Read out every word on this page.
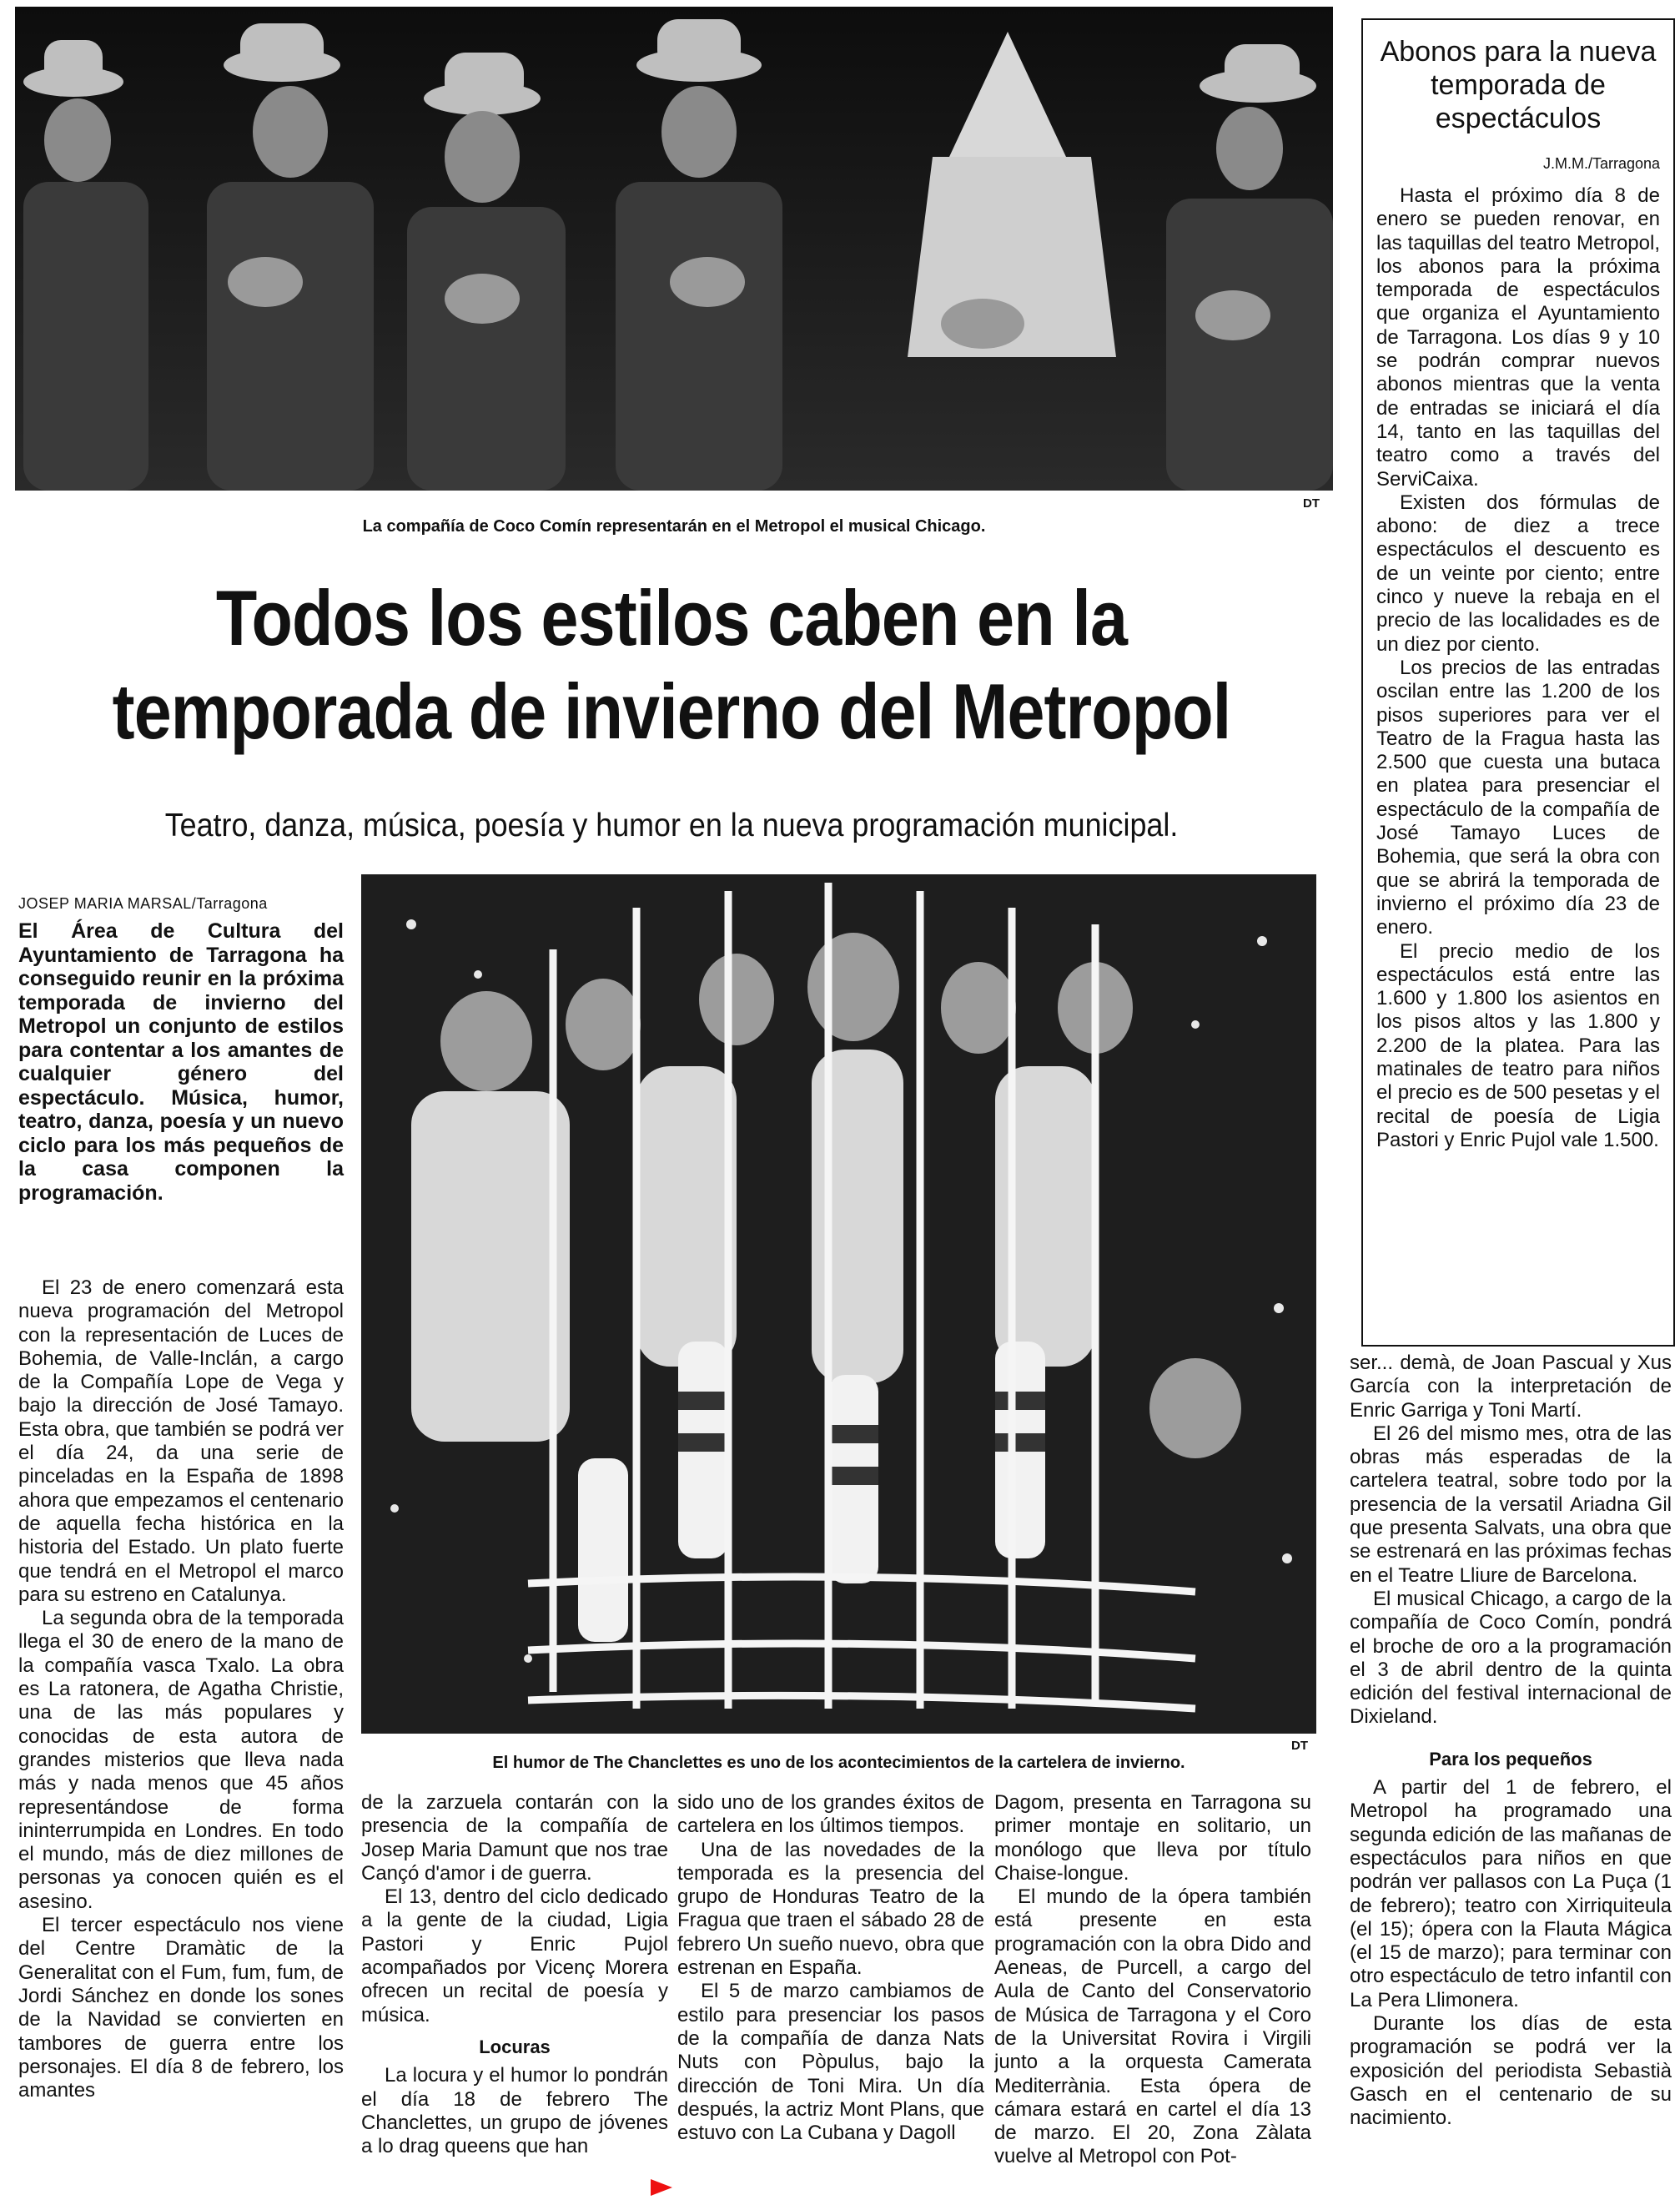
DT
La compañía de Coco Comín representarán en el Metropol el musical Chicago.
Todos los estilos caben en la
temporada de invierno del Metropol
Teatro, danza, música, poesía y humor en la nueva programación municipal.
JOSEP MARIA MARSAL/Tarragona
El Área de Cultura del Ayuntamiento de Tarragona ha conseguido reunir en la próxima temporada de invierno del Metropol un conjunto de estilos para contentar a los amantes de cualquier género del espectáculo. Música, humor, teatro, danza, poesía y un nuevo ciclo para los más pequeños de la casa componen la programación.

El 23 de enero comenzará esta nueva programación del Metropol con la representación de Luces de Bohemia, de Valle-Inclán, a cargo de la Compañía Lope de Vega y bajo la dirección de José Tamayo. Esta obra, que también se podrá ver el día 24, da una serie de pinceladas en la España de 1898 ahora que empezamos el centenario de aquella fecha histórica en la historia del Estado. Un plato fuerte que tendrá en el Metropol el marco para su estreno en Catalunya.

La segunda obra de la temporada llega el 30 de enero de la mano de la compañía vasca Txalo. La obra es La ratonera, de Agatha Christie, una de las más populares y conocidas de esta autora de grandes misterios que lleva nada más y nada menos que 45 años representándose de forma ininterrumpida en Londres. En todo el mundo, más de diez millones de personas ya conocen quién es el asesino.

El tercer espectáculo nos viene del Centre Dramàtic de la Generalitat con el Fum, fum, fum, de Jordi Sánchez en donde los sones de la Navidad se convierten en tambores de guerra entre los personajes. El día 8 de febrero, los amantes

DT
El humor de The Chanclettes es uno de los acontecimientos de la cartelera de invierno.

de la zarzuela contarán con la presencia de la compañía de Josep Maria Damunt que nos trae Cançó d'amor i de guerra.

El 13, dentro del ciclo dedicado a la gente de la ciudad, Ligia Pastori y Enric Pujol acompañados por Vicenç Morera ofrecen un recital de poesía y música.

Locuras

La locura y el humor lo pondrán el día 18 de febrero The Chanclettes, un grupo de jóvenes a lo drag queens que han

sido uno de los grandes éxitos de cartelera en los últimos tiempos.

Una de las novedades de la temporada es la presencia del grupo de Honduras Teatro de la Fragua que traen el sábado 28 de febrero Un sueño nuevo, obra que estrenan en España.

El 5 de marzo cambiamos de estilo para presenciar los pasos de la compañía de danza Nats Nuts con Pòpulus, bajo la dirección de Toni Mira. Un día después, la actriz Mont Plans, que estuvo con La Cubana y Dagoll

Dagom, presenta en Tarragona su primer montaje en solitario, un monólogo que lleva por título Chaise-longue.

El mundo de la ópera también está presente en esta programación con la obra Dido and Aeneas, de Purcell, a cargo del Aula de Canto del Conservatorio de Música de Tarragona y el Coro de la Universitat Rovira i Virgili junto a la orquesta Camerata Mediterrània. Esta ópera de cámara estará en cartel el día 13 de marzo. El 20, Zona Zàlata vuelve al Metropol con Pot-

Abonos para la nueva temporada de espectáculos
J.M.M./Tarragona

Hasta el próximo día 8 de enero se pueden renovar, en las taquillas del teatro Metropol, los abonos para la próxima temporada de espectáculos que organiza el Ayuntamiento de Tarragona. Los días 9 y 10 se podrán comprar nuevos abonos mientras que la venta de entradas se iniciará el día 14, tanto en las taquillas del teatro como a través del ServiCaixa.

Existen dos fórmulas de abono: de diez a trece espectáculos el descuento es de un veinte por ciento; entre cinco y nueve la rebaja en el precio de las localidades es de un diez por ciento.

Los precios de las entradas oscilan entre las 1.200 de los pisos superiores para ver el Teatro de la Fragua hasta las 2.500 que cuesta una butaca en platea para presenciar el espectáculo de la compañía de José Tamayo Luces de Bohemia, que será la obra con que se abrirá la temporada de invierno el próximo día 23 de enero.

El precio medio de los espectáculos está entre las 1.600 y 1.800 los asientos en los pisos altos y las 1.800 y 2.200 de la platea. Para las matinales de teatro para niños el precio es de 500 pesetas y el recital de poesía de Ligia Pastori y Enric Pujol vale 1.500.

ser... demà, de Joan Pascual y Xus García con la interpretación de Enric Garriga y Toni Martí.

El 26 del mismo mes, otra de las obras más esperadas de la cartelera teatral, sobre todo por la presencia de la versatil Ariadna Gil que presenta Salvats, una obra que se estrenará en las próximas fechas en el Teatre Lliure de Barcelona.

El musical Chicago, a cargo de la compañía de Coco Comín, pondrá el broche de oro a la programación el 3 de abril dentro de la quinta edición del festival internacional de Dixieland.

Para los pequeños

A partir del 1 de febrero, el Metropol ha programado una segunda edición de las mañanas de espectáculos para niños en que podrán ver pallasos con La Puça (1 de febrero); teatro con Xirriquiteula (el 15); ópera con la Flauta Mágica (el 15 de marzo); para terminar con otro espectáculo de tetro infantil con La Pera Llimonera.

Durante los días de esta programación se podrá ver la exposición del periodista Sebastià Gasch en el centenario de su nacimiento.
